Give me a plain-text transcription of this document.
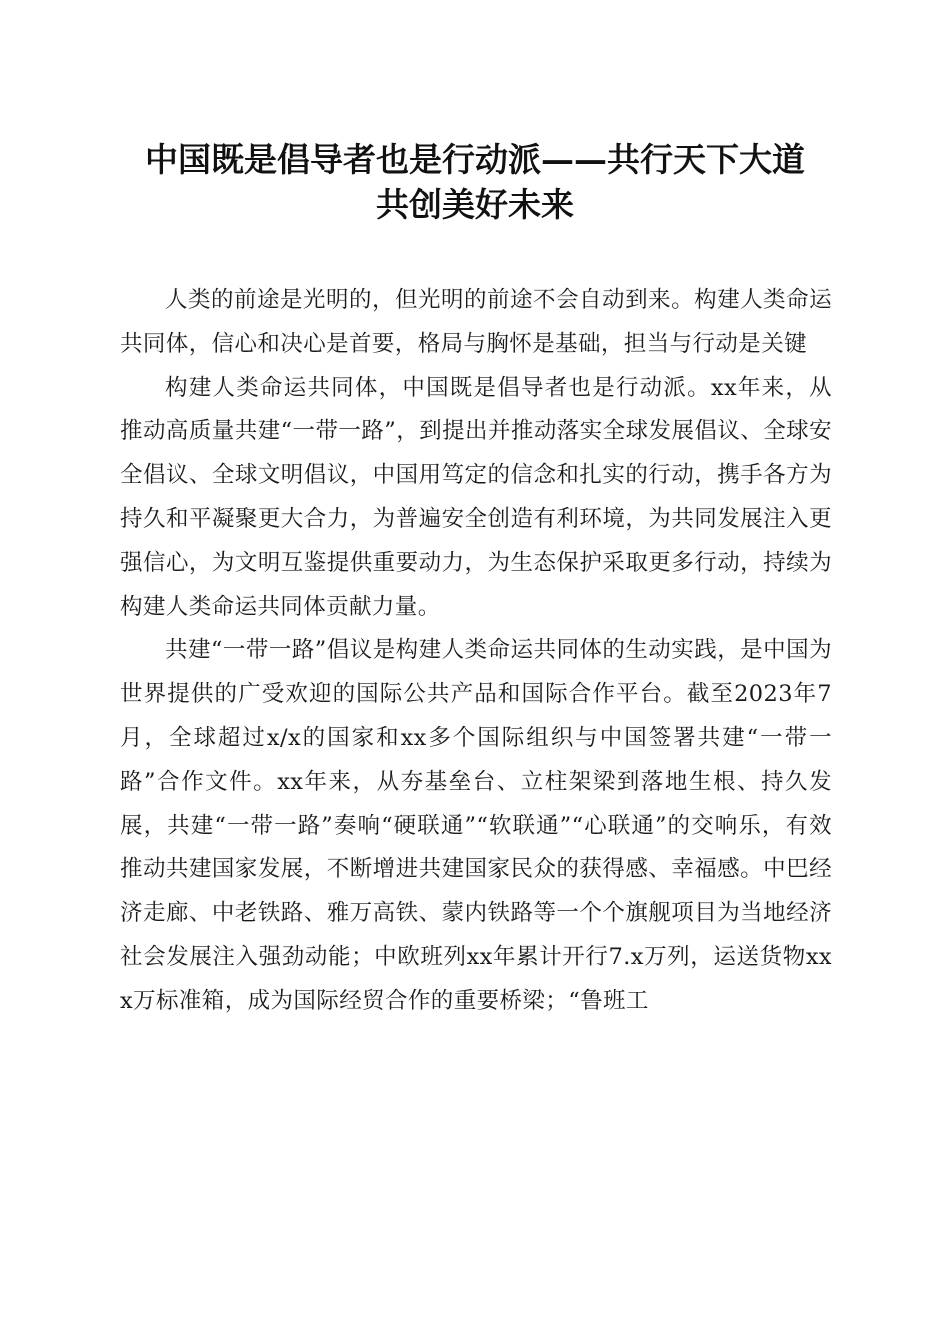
中国既是倡导者也是行动派——共行天下大道
共创美好未来

人类的前途是光明的，但光明的前途不会自动到来。构建人类命运共同体，信心和决心是首要，格局与胸怀是基础，担当与行动是关键

构建人类命运共同体，中国既是倡导者也是行动派。xx年来，从推动高质量共建“一带一路”，到提出并推动落实全球发展倡议、全球安全倡议、全球文明倡议，中国用笃定的信念和扎实的行动，携手各方为持久和平凝聚更大合力，为普遍安全创造有利环境，为共同发展注入更强信心，为文明互鉴提供重要动力，为生态保护采取更多行动，持续为构建人类命运共同体贡献力量。

共建“一带一路”倡议是构建人类命运共同体的生动实践，是中国为世界提供的广受欢迎的国际公共产品和国际合作平台。截至2023年7月，全球超过x/x的国家和xx多个国际组织与中国签署共建“一带一路”合作文件。xx年来，从夯基垒台、立柱架梁到落地生根、持久发展，共建“一带一路”奏响“硬联通”“软联通”“心联通”的交响乐，有效推动共建国家发展，不断增进共建国家民众的获得感、幸福感。中巴经济走廊、中老铁路、雅万高铁、蒙内铁路等一个个旗舰项目为当地经济社会发展注入强劲动能；中欧班列xx年累计开行7.x万列，运送货物xxx万标准箱，成为国际经贸合作的重要桥梁；“鲁班工
